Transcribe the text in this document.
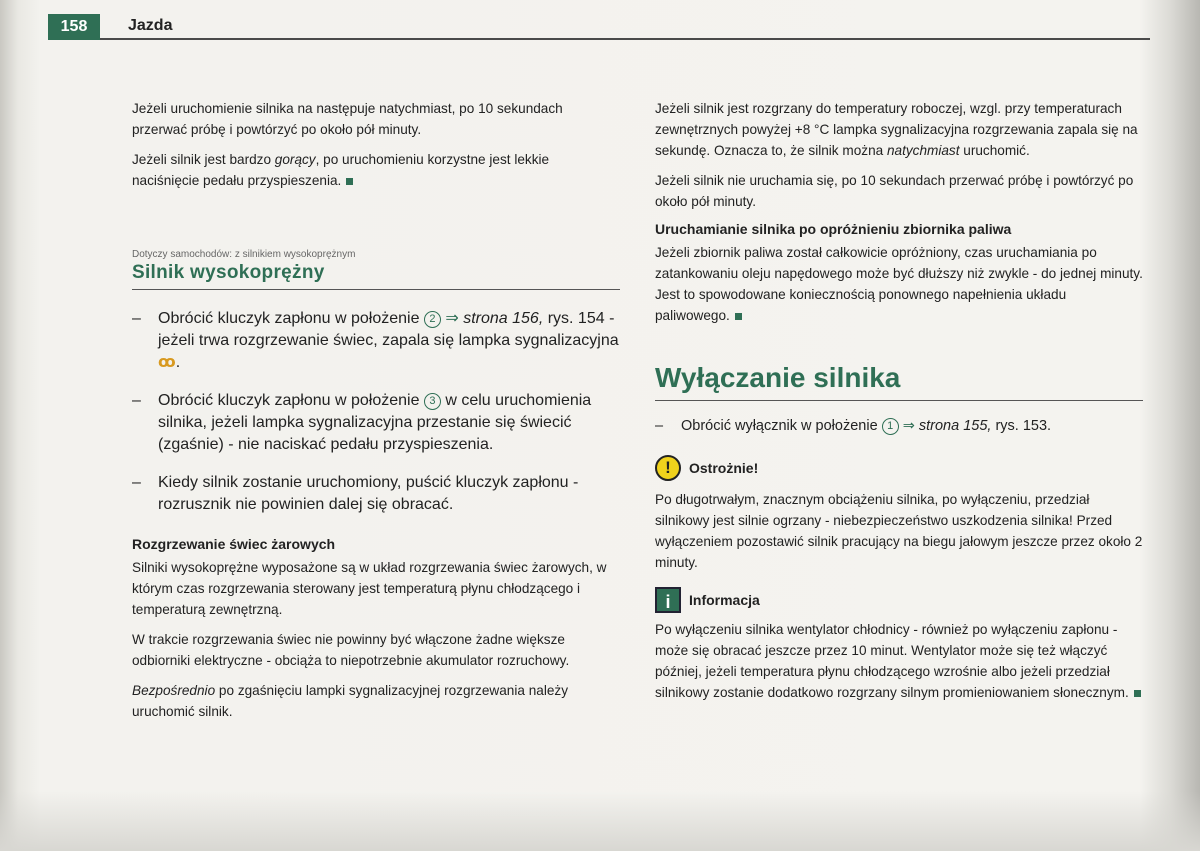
158	Jazda

Jeżeli uruchomienie silnika na następuje natychmiast, po 10 sekundach przerwać próbę i powtórzyć po około pół minuty.

Jeżeli silnik jest bardzo gorący, po uruchomieniu korzystne jest lekkie naciśnięcie pedału przyspieszenia.

Dotyczy samochodów: z silnikiem wysokoprężnym
Silnik wysokoprężny
– Obrócić kluczyk zapłonu w położenie 2 ⇒ strona 156, rys. 154 - jeżeli trwa rozgrzewanie świec, zapala się lampka sygnalizacyjna ꝏ.
– Obrócić kluczyk zapłonu w położenie 3 w celu uruchomienia silnika, jeżeli lampka sygnalizacyjna przestanie się świecić (zgaśnie) - nie naciskać pedału przyspieszenia.
– Kiedy silnik zostanie uruchomiony, puścić kluczyk zapłonu - rozrusznik nie powinien dalej się obracać.
Rozgrzewanie świec żarowych

Silniki wysokoprężne wyposażone są w układ rozgrzewania świec żarowych, w którym czas rozgrzewania sterowany jest temperaturą płynu chłodzącego i temperaturą zewnętrzną.

W trakcie rozgrzewania świec nie powinny być włączone żadne większe odbiorniki elektryczne - obciąża to niepotrzebnie akumulator rozruchowy.

Bezpośrednio po zgaśnięciu lampki sygnalizacyjnej rozgrzewania należy uruchomić silnik.

Jeżeli silnik jest rozgrzany do temperatury roboczej, wzgl. przy temperaturach zewnętrznych powyżej +8 °C lampka sygnalizacyjna rozgrzewania zapala się na sekundę. Oznacza to, że silnik można natychmiast uruchomić.

Jeżeli silnik nie uruchamia się, po 10 sekundach przerwać próbę i powtórzyć po około pół minuty.

Uruchamianie silnika po opróżnieniu zbiornika paliwa

Jeżeli zbiornik paliwa został całkowicie opróżniony, czas uruchamiania po zatankowaniu oleju napędowego może być dłuższy niż zwykle - do jednej minuty. Jest to spowodowane koniecznością ponownego napełnienia układu paliwowego.

Wyłączanie silnika
– Obrócić wyłącznik w położenie 1 ⇒ strona 155, rys. 153.
!	Ostrożnie!

Po długotrwałym, znacznym obciążeniu silnika, po wyłączeniu, przedział silnikowy jest silnie ogrzany - niebezpieczeństwo uszkodzenia silnika! Przed wyłączeniem pozostawić silnik pracujący na biegu jałowym jeszcze przez około 2 minuty.

i	Informacja

Po wyłączeniu silnika wentylator chłodnicy - również po wyłączeniu zapłonu - może się obracać jeszcze przez 10 minut. Wentylator może się też włączyć później, jeżeli temperatura płynu chłodzącego wzrośnie albo jeżeli przedział silnikowy zostanie dodatkowo rozgrzany silnym promieniowaniem słonecznym.
